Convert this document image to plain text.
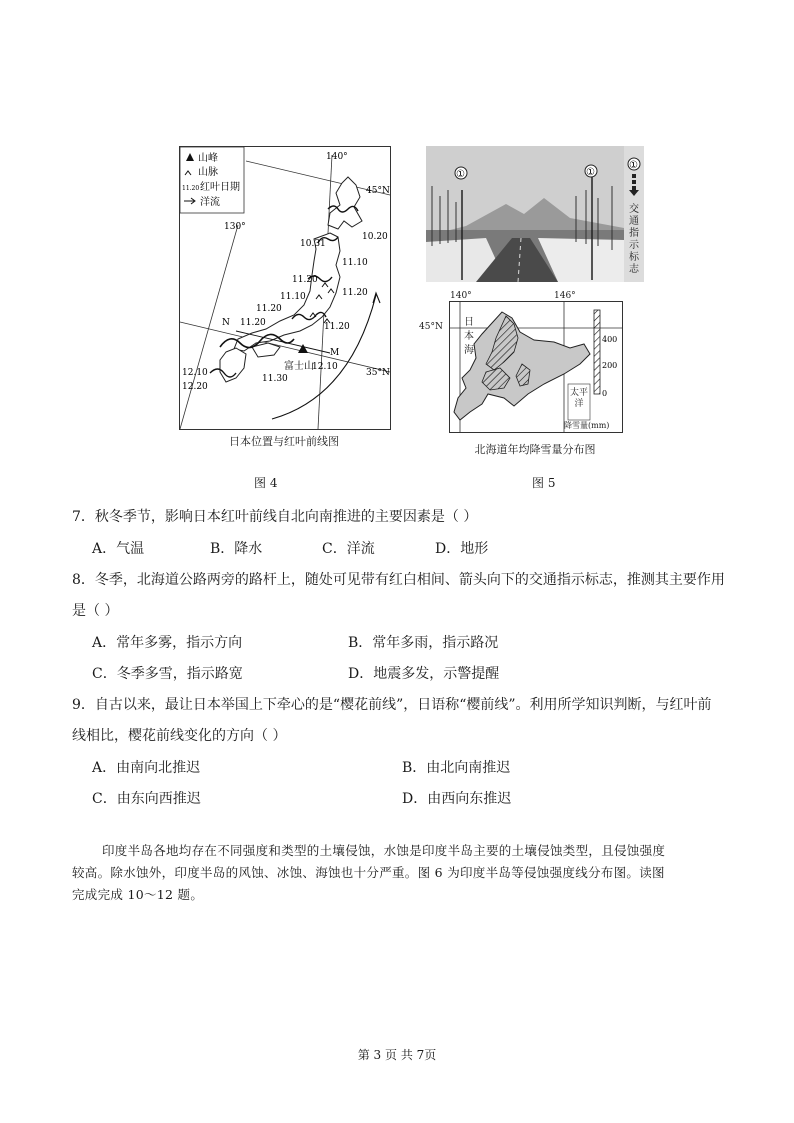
山峰
山脉
11.20 红叶日期
洋流
140°
130°
45°N
35°N
10.20
10.31
11.10
11.20
11.10	11.20
11.20
11.20	11.20
11.30
12.10
12.10
12.20
N
M
富士山
日本位置与红叶前线图
图 4
①	①
①
交通指示标志
400
200
0
140°	146°
日本海
太平洋
降雪量(mm)
45°N
北海道年均降雪量分布图
图 5
7．秋冬季节，影响日本红叶前线自北向南推进的主要因素是（ ）
A．气温	B．降水	C．洋流	D．地形
8．冬季，北海道公路两旁的路杆上，随处可见带有红白相间、箭头向下的交通指示标志，推测其主要作用
是（ ）
A．常年多雾，指示方向	B．常年多雨，指示路况
C．冬季多雪，指示路宽	D．地震多发，示警提醒
9．自古以来，最让日本举国上下牵心的是“樱花前线”，日语称“樱前线”。利用所学知识判断，与红叶前
线相比，樱花前线变化的方向（ ）
A．由南向北推迟	B．由北向南推迟
C．由东向西推迟	D．由西向东推迟
印度半岛各地均存在不同强度和类型的土壤侵蚀，水蚀是印度半岛主要的土壤侵蚀类型，且侵蚀强度
较高。除水蚀外，印度半岛的风蚀、冰蚀、海蚀也十分严重。图 6 为印度半岛等侵蚀强度线分布图。读图
完成完成 10～12 题。
第 3 页 共 7页
